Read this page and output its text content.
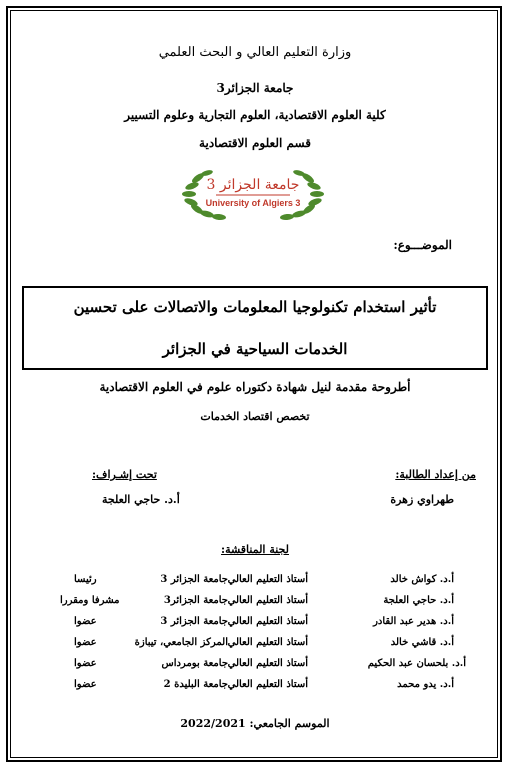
وزارة التعليم العالي و البحث العلمي
جامعة الجزائر3
كلية العلوم الاقتصادية، العلوم التجارية وعلوم التسيير
قسم العلوم الاقتصادية
جامعة الجزائر 3
University of Algiers 3
الموضـــوع:
تأثير استخدام تكنولوجيا المعلومات والاتصالات على تحسين
الخدمات السياحية في الجزائر
أطروحة مقدمة لنيل شهادة دكتوراه علوم في العلوم الاقتصادية
تخصص اقتصاد الخدمات
من إعداد الطالبة:
تحت إشـراف:
طهراوي زهرة
أ.د. حاجي العلجة
لجنة المناقشة:
أ.د. كواش خالد
أستاذ التعليم العالي
جامعة الجزائر 3
رئيسا
أ.د. حاجي العلجة
أستاذ التعليم العالي
جامعة الجزائر3
مشرفا ومقررا
أ.د. هدير عبد القادر
أستاذ التعليم العالي
جامعة الجزائر 3
عضوا
أ.د. قاشي خالد
أستاذ التعليم العالي
المركز الجامعي، تيبازة
عضوا
أ.د. بلحسان عبد الحكيم
أستاذ التعليم العالي
جامعة بومرداس
عضوا
أ.د. يدو محمد
أستاذ التعليم العالي
جامعة البليدة 2
عضوا
الموسم الجامعي: 2022/2021
